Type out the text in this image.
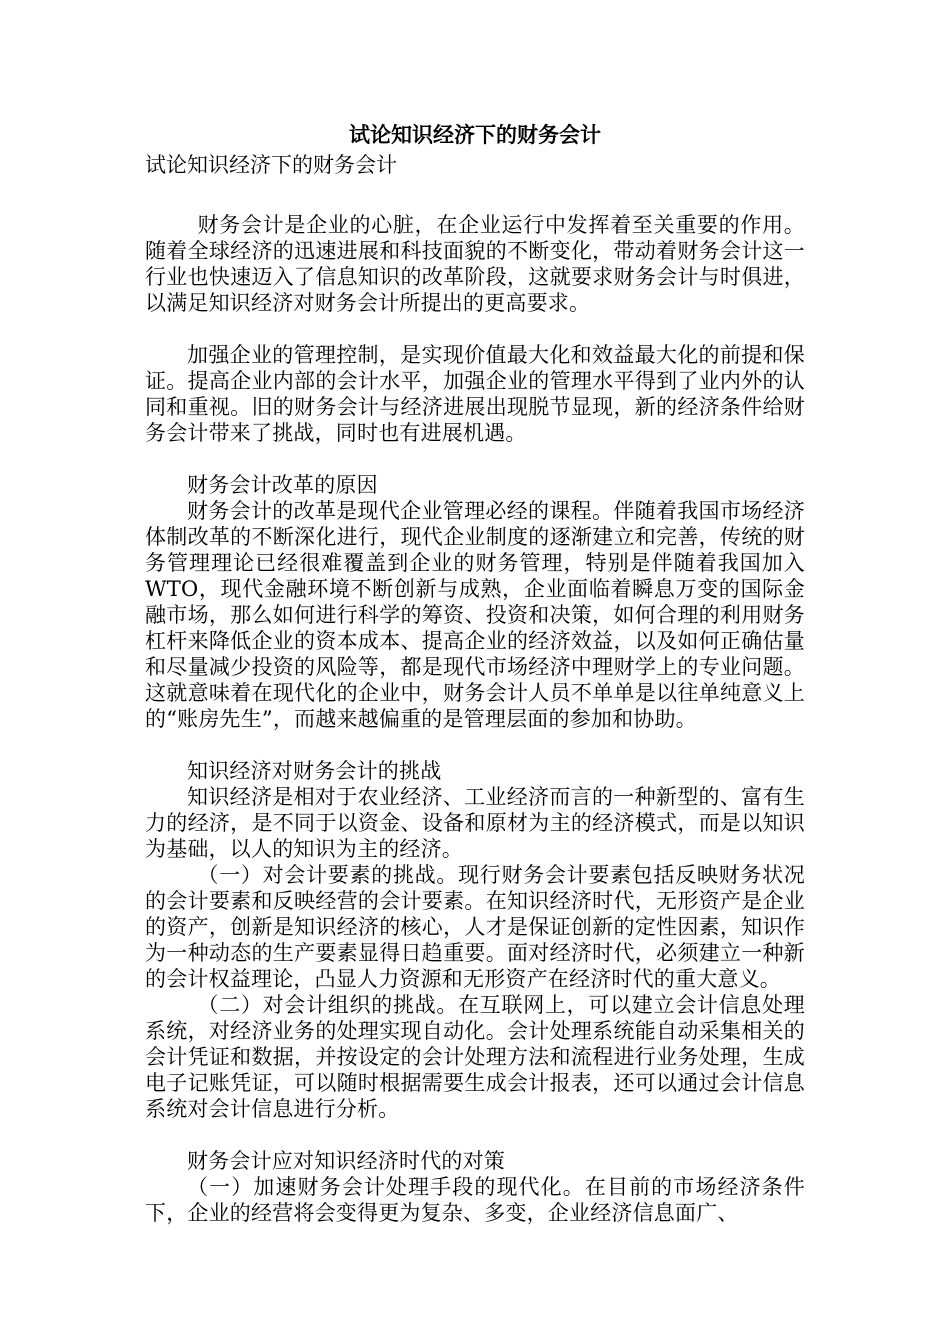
试论知识经济下的财务会计
试论知识经济下的财务会计

财务会计是企业的心脏，在企业运行中发挥着至关重要的作用。随着全球经济的迅速进展和科技面貌的不断变化，带动着财务会计这一行业也快速迈入了信息知识的改革阶段，这就要求财务会计与时俱进，以满足知识经济对财务会计所提出的更高要求。

加强企业的管理控制，是实现价值最大化和效益最大化的前提和保证。提高企业内部的会计水平，加强企业的管理水平得到了业内外的认同和重视。旧的财务会计与经济进展出现脱节显现，新的经济条件给财务会计带来了挑战，同时也有进展机遇。

财务会计改革的原因

财务会计的改革是现代企业管理必经的课程。伴随着我国市场经济体制改革的不断深化进行，现代企业制度的逐渐建立和完善，传统的财务管理理论已经很难覆盖到企业的财务管理，特别是伴随着我国加入WTO，现代金融环境不断创新与成熟，企业面临着瞬息万变的国际金融市场，那么如何进行科学的筹资、投资和决策，如何合理的利用财务杠杆来降低企业的资本成本、提高企业的经济效益，以及如何正确估量和尽量减少投资的风险等，都是现代市场经济中理财学上的专业问题。这就意味着在现代化的企业中，财务会计人员不单单是以往单纯意义上的“账房先生”，而越来越偏重的是管理层面的参加和协助。

知识经济对财务会计的挑战

知识经济是相对于农业经济、工业经济而言的一种新型的、富有生力的经济，是不同于以资金、设备和原材为主的经济模式，而是以知识为基础，以人的知识为主的经济。

（一）对会计要素的挑战。现行财务会计要素包括反映财务状况的会计要素和反映经营的会计要素。在知识经济时代，无形资产是企业的资产，创新是知识经济的核心，人才是保证创新的定性因素，知识作为一种动态的生产要素显得日趋重要。面对经济时代，必须建立一种新的会计权益理论，凸显人力资源和无形资产在经济时代的重大意义。

（二）对会计组织的挑战。在互联网上，可以建立会计信息处理系统，对经济业务的处理实现自动化。会计处理系统能自动采集相关的会计凭证和数据，并按设定的会计处理方法和流程进行业务处理，生成电子记账凭证，可以随时根据需要生成会计报表，还可以通过会计信息系统对会计信息进行分析。

财务会计应对知识经济时代的对策

（一）加速财务会计处理手段的现代化。在目前的市场经济条件下，企业的经营将会变得更为复杂、多变，企业经济信息面广、
